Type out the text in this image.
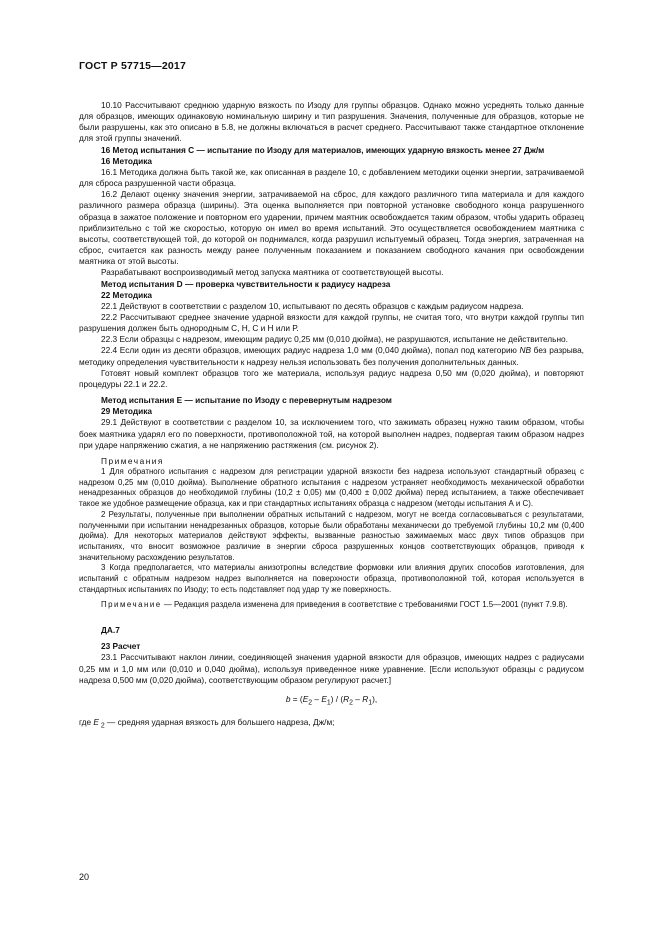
ГОСТ Р 57715—2017

10.10 Рассчитывают среднюю ударную вязкость по Изоду для группы образцов. Однако можно усреднять только данные для образцов, имеющих одинаковую номинальную ширину и тип разрушения. Значения, полученные для образцов, которые не были разрушены, как это описано в 5.8, не должны включаться в расчет среднего. Рассчитывают также стандартное отклонение для этой группы значений.

16 Метод испытания С — испытание по Изоду для материалов, имеющих ударную вязкость менее 27 Дж/м

16 Методика

16.1 Методика должна быть такой же, как описанная в разделе 10, с добавлением методики оценки энергии, затрачиваемой для сброса разрушенной части образца.

16.2 Делают оценку значения энергии, затрачиваемой на сброс, для каждого различного типа материала и для каждого различного размера образца (ширины). Эта оценка выполняется при повторной установке свободного конца разрушенного образца в зажатое положение и повторном его ударении, причем маятник освобождается таким образом, чтобы ударить образец приблизительно с той же скоростью, которую он имел во время испытаний. Это осуществляется освобождением маятника с высоты, соответствующей той, до которой он поднимался, когда разрушил испытуемый образец. Тогда энергия, затраченная на сброс, считается как разность между ранее полученным показанием и показанием свободного качания при освобождении маятника от этой высоты.

Разрабатывают воспроизводимый метод запуска маятника от соответствующей высоты.

Метод испытания D — проверка чувствительности к радиусу надреза

22 Методика

22.1 Действуют в соответствии с разделом 10, испытывают по десять образцов с каждым радиусом надреза.

22.2 Рассчитывают среднее значение ударной вязкости для каждой группы, не считая того, что внутри каждой группы тип разрушения должен быть однородным С, Н, С и Н или Р.

22.3 Если образцы с надрезом, имеющим радиус 0,25 мм (0,010 дюйма), не разрушаются, испытание не действительно.

22.4 Если один из десяти образцов, имеющих радиус надреза 1,0 мм (0,040 дюйма), попал под категорию NB без разрыва, методику определения чувствительности к надрезу нельзя использовать без получения дополнительных данных.

Готовят новый комплект образцов того же материала, используя радиус надреза 0,50 мм (0,020 дюйма), и повторяют процедуры 22.1 и 22.2.

Метод испытания Е — испытание по Изоду с перевернутым надрезом

29 Методика

29.1 Действуют в соответствии с разделом 10, за исключением того, что зажимать образец нужно таким образом, чтобы боек маятника ударял его по поверхности, противоположной той, на которой выполнен надрез, подвергая таким образом надрез при ударе напряжению сжатия, а не напряжению растяжения (см. рисунок 2).

Примечания

1 Для обратного испытания с надрезом для регистрации ударной вязкости без надреза используют стандартный образец с надрезом 0,25 мм (0,010 дюйма). Выполнение обратного испытания с надрезом устраняет необходимость механической обработки ненадрезанных образцов до необходимой глубины (10,2 ± 0,05) мм (0,400 ± 0,002 дюйма) перед испытанием, а также обеспечивает такое же удобное размещение образца, как и при стандартных испытаниях образца с надрезом (методы испытания А и С).

2 Результаты, полученные при выполнении обратных испытаний с надрезом, могут не всегда согласовываться с результатами, полученными при испытании ненадрезанных образцов, которые были обработаны механически до требуемой глубины 10,2 мм (0,400 дюйма). Для некоторых материалов действуют эффекты, вызванные разностью зажимаемых масс двух типов образцов при испытаниях, что вносит возможное различие в энергии сброса разрушенных концов соответствующих образцов, приводя к значительному расхождению результатов.

3 Когда предполагается, что материалы анизотропны вследствие формовки или влияния других способов изготовления, для испытаний с обратным надрезом надрез выполняется на поверхности образца, противоположной той, которая используется в стандартных испытаниях по Изоду; то есть подставляет под удар ту же поверхность.

Примечание — Редакция раздела изменена для приведения в соответствие с требованиями ГОСТ 1.5—2001 (пункт 7.9.8).

ДА.7

23 Расчет

23.1 Рассчитывают наклон линии, соединяющей значения ударной вязкости для образцов, имеющих надрез с радиусами 0,25 мм и 1,0 мм или (0,010 и 0,040 дюйма), используя приведенное ниже уравнение. [Если используют образцы с радиусом надреза 0,500 мм (0,020 дюйма), соответствующим образом регулируют расчет.]

$b = (E_2 - E_1) / (R_2 - R_1)$,

где E $_2$ — средняя ударная вязкость для большего надреза, Дж/м;

20
